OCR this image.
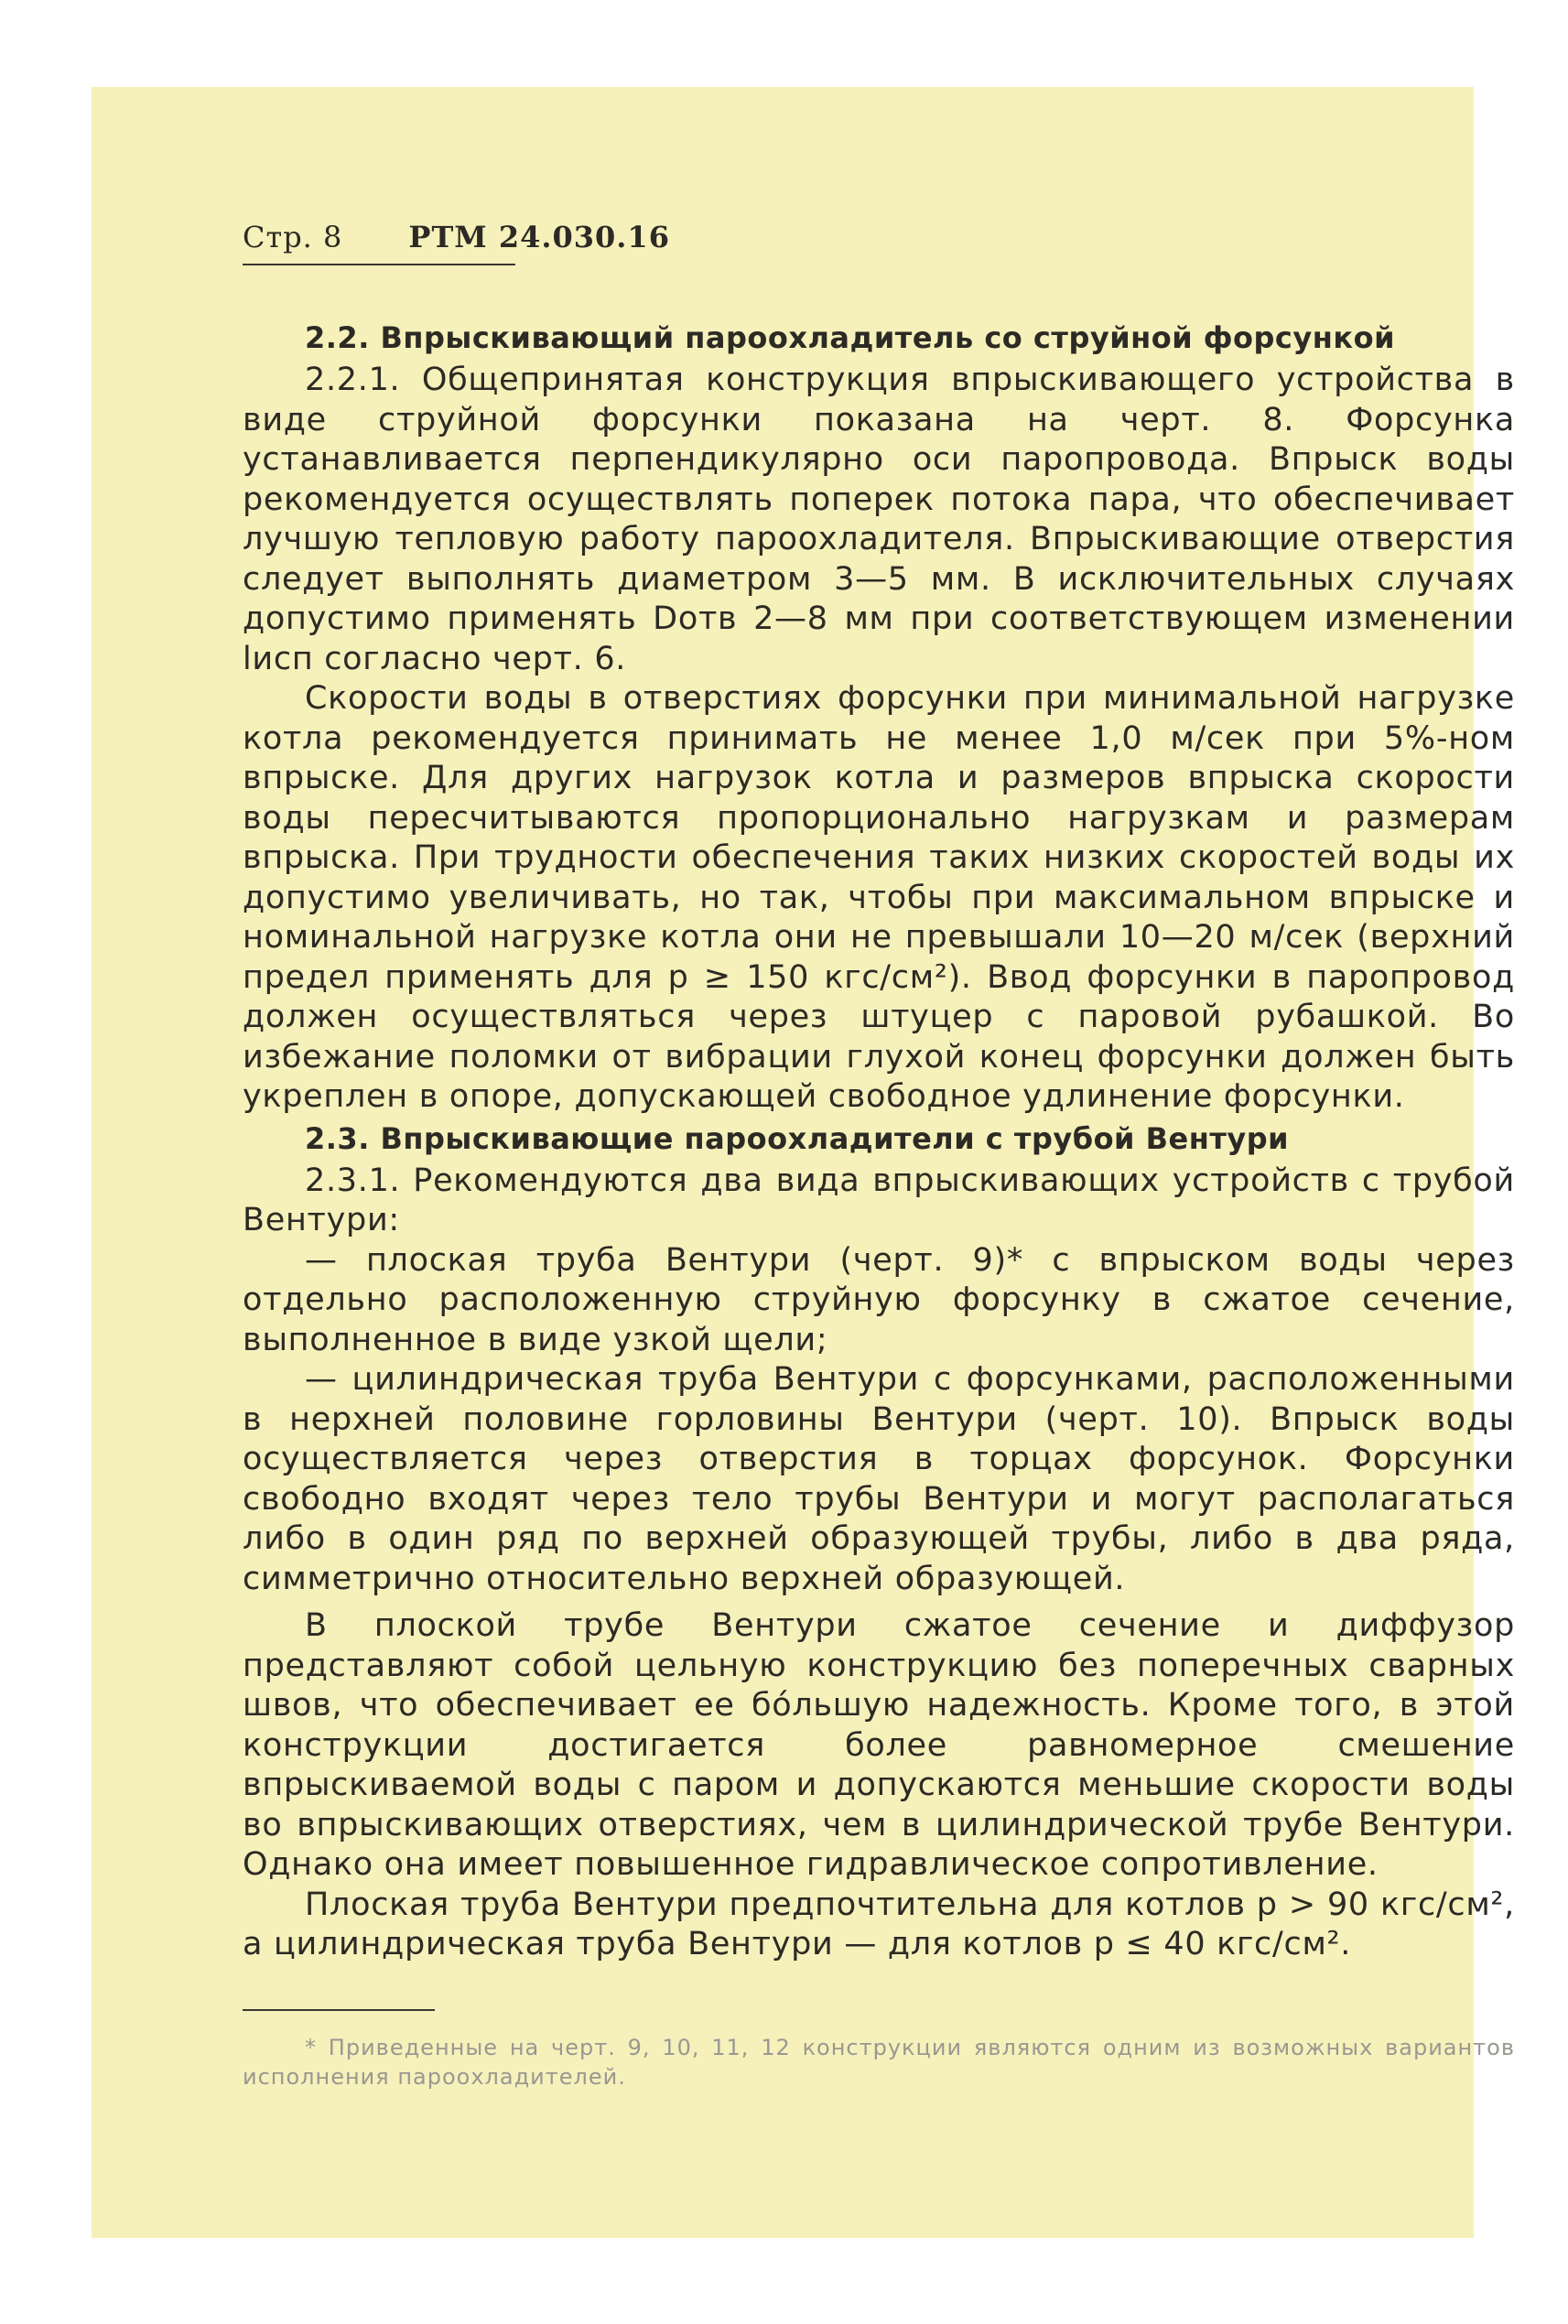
Стр. 8 РТМ 24.030.16
2.2. Впрыскивающий пароохладитель со струйной форсункой

2.2.1. Общепринятая конструкция впрыскивающего устройства в виде струйной форсунки показана на черт. 8. Форсунка устанавливается перпендикулярно оси паропровода. Впрыск воды рекомендуется осуществлять поперек потока пара, что обеспечивает лучшую тепловую работу пароохладителя. Впрыскивающие отверстия следует выполнять диаметром 3—5 мм. В исключительных случаях допустимо применять Dотв 2—8 мм при соответствующем изменении lисп согласно черт. 6.

Скорости воды в отверстиях форсунки при минимальной нагрузке котла рекомендуется принимать не менее 1,0 м/сек при 5%-ном впрыске. Для других нагрузок котла и размеров впрыска скорости воды пересчитываются пропорционально нагрузкам и размерам впрыска. При трудности обеспечения таких низких скоростей воды их допустимо увеличивать, но так, чтобы при максимальном впрыске и номинальной нагрузке котла они не превышали 10—20 м/сек (верхний предел применять для p ≥ 150 кгс/см²). Ввод форсунки в паропровод должен осуществляться через штуцер с паровой рубашкой. Во избежание поломки от вибрации глухой конец форсунки должен быть укреплен в опоре, допускающей свободное удлинение форсунки.

2.3. Впрыскивающие пароохладители с трубой Вентури

2.3.1. Рекомендуются два вида впрыскивающих устройств с трубой Вентури:

— плоская труба Вентури (черт. 9)* с впрыском воды через отдельно расположенную струйную форсунку в сжатое сечение, выполненное в виде узкой щели;

— цилиндрическая труба Вентури с форсунками, расположенными в нерхней половине горловины Вентури (черт. 10). Впрыск воды осуществляется через отверстия в торцах форсунок. Форсунки свободно входят через тело трубы Вентури и могут располагаться либо в один ряд по верхней образующей трубы, либо в два ряда, симметрично относительно верхней образующей.

В плоской трубе Вентури сжатое сечение и диффузор представляют собой цельную конструкцию без поперечных сварных швов, что обеспечивает ее бóльшую надежность. Кроме того, в этой конструкции достигается более равномерное смешение впрыскиваемой воды с паром и допускаются меньшие скорости воды во впрыскивающих отверстиях, чем в цилиндрической трубе Вентури. Однако она имеет повышенное гидравлическое сопротивление.

Плоская труба Вентури предпочтительна для котлов p > 90 кгс/см², а цилиндрическая труба Вентури — для котлов p ≤ 40 кгс/см².

* Приведенные на черт. 9, 10, 11, 12 конструкции являются одним из возможных вариантов исполнения пароохладителей.
